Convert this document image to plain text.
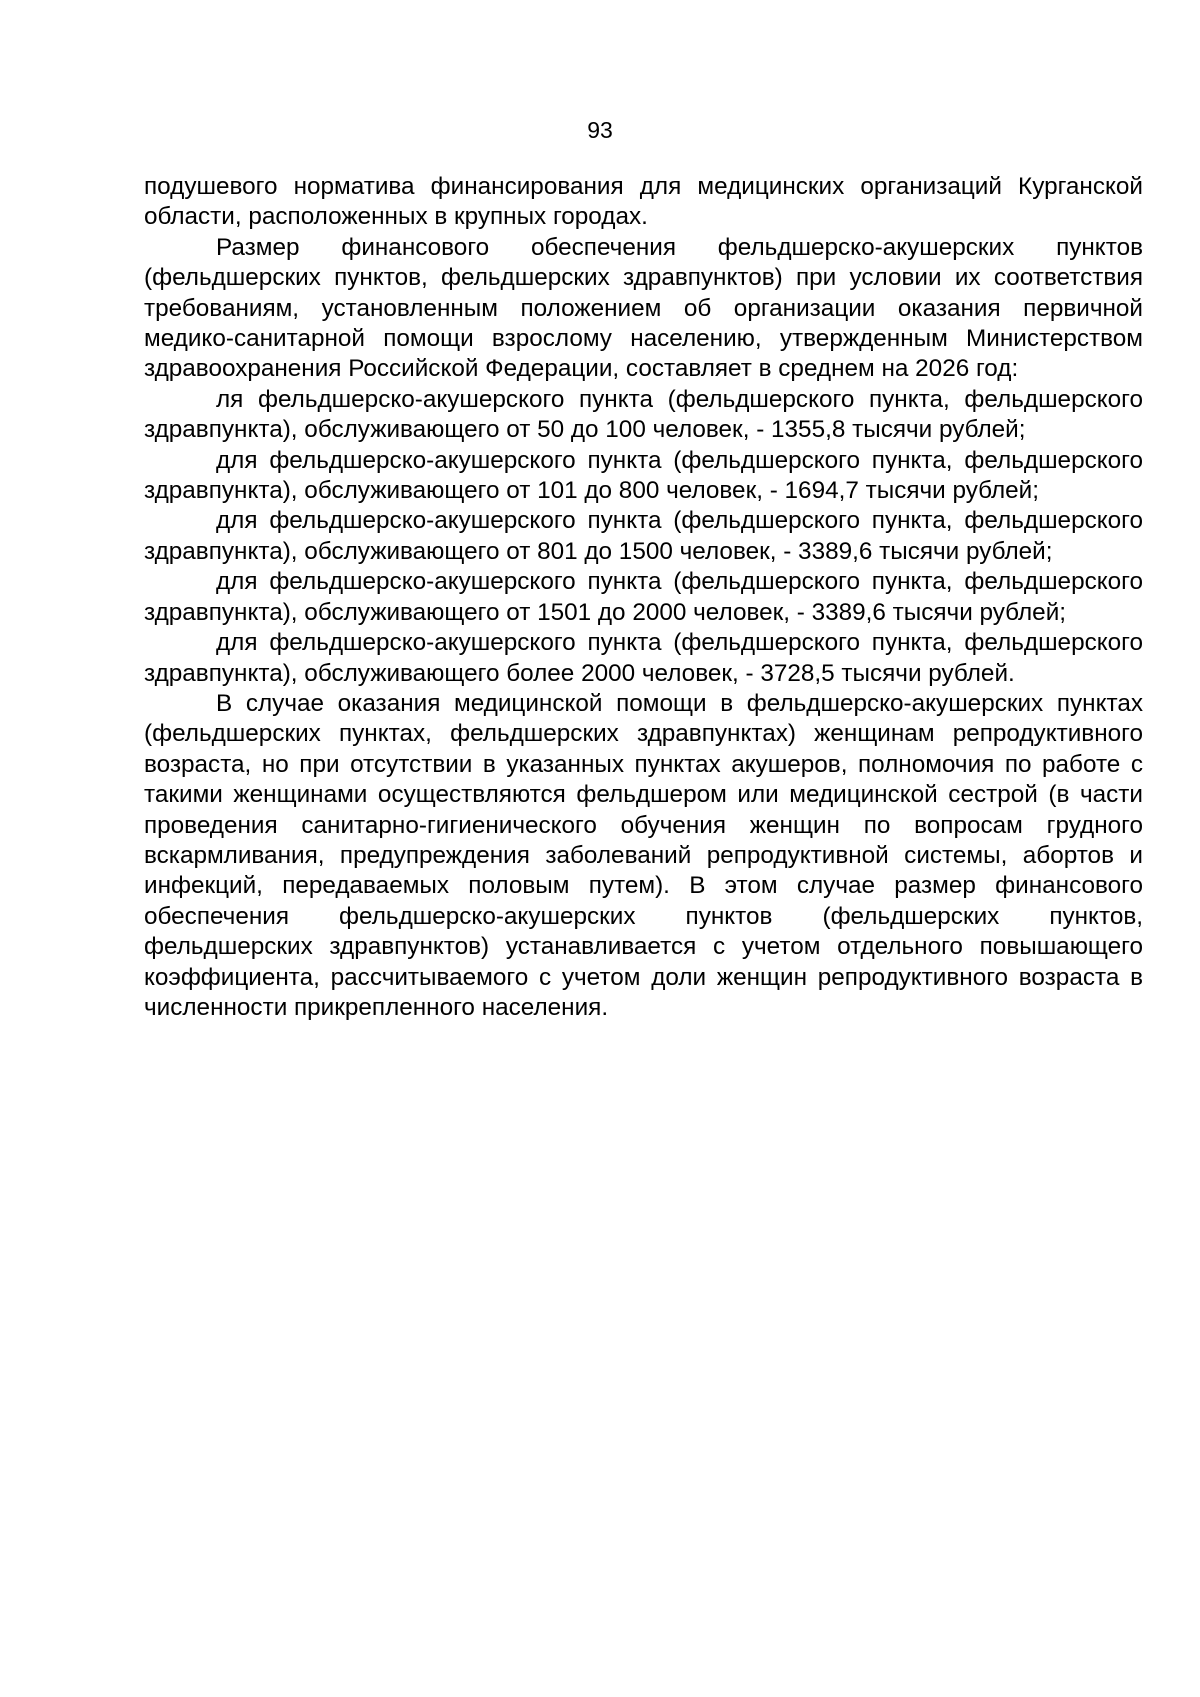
93

подушевого норматива финансирования для медицинских организаций Курганской области, расположенных в крупных городах.

Размер финансового обеспечения фельдшерско-акушерских пунктов (фельдшерских пунктов, фельдшерских здравпунктов) при условии их соответствия требованиям, установленным положением об организации оказания первичной медико-санитарной помощи взрослому населению, утвержденным Министерством здравоохранения Российской Федерации, составляет в среднем на 2026 год:

ля фельдшерско-акушерского пункта (фельдшерского пункта, фельдшерского здравпункта), обслуживающего от 50 до 100 человек, - 1355,8 тысячи рублей;

для фельдшерско-акушерского пункта (фельдшерского пункта, фельдшерского здравпункта), обслуживающего от 101 до 800 человек, - 1694,7 тысячи рублей;

для фельдшерско-акушерского пункта (фельдшерского пункта, фельдшерского здравпункта), обслуживающего от 801 до 1500 человек, - 3389,6 тысячи рублей;

для фельдшерско-акушерского пункта (фельдшерского пункта, фельдшерского здравпункта), обслуживающего от 1501 до 2000 человек, - 3389,6 тысячи рублей;

для фельдшерско-акушерского пункта (фельдшерского пункта, фельдшерского здравпункта), обслуживающего более 2000 человек, - 3728,5 тысячи рублей.

В случае оказания медицинской помощи в фельдшерско-акушерских пунктах (фельдшерских пунктах, фельдшерских здравпунктах) женщинам репродуктивного возраста, но при отсутствии в указанных пунктах акушеров, полномочия по работе с такими женщинами осуществляются фельдшером или медицинской сестрой (в части проведения санитарно-гигиенического обучения женщин по вопросам грудного вскармливания, предупреждения заболеваний репродуктивной системы, абортов и инфекций, передаваемых половым путем). В этом случае размер финансового обеспечения фельдшерско-акушерских пунктов (фельдшерских пунктов, фельдшерских здравпунктов) устанавливается с учетом отдельного повышающего коэффициента, рассчитываемого с учетом доли женщин репродуктивного возраста в численности прикрепленного населения.
